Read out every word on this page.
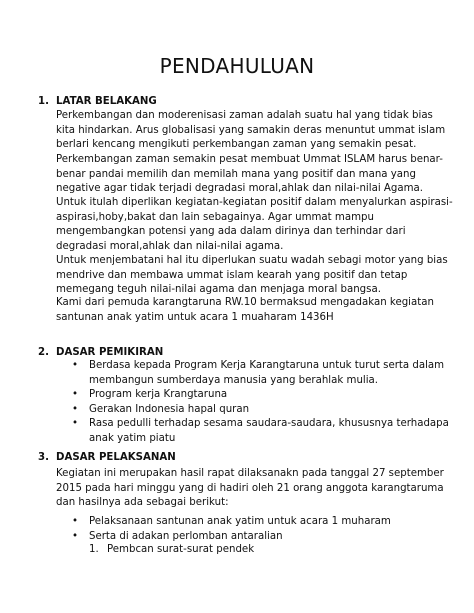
PENDAHULUAN
1. LATAR BELAKANG
Perkembangan dan moderenisasi zaman adalah suatu hal yang tidak bias
kita hindarkan. Arus globalisasi yang samakin deras menuntut ummat islam
berlari kencang mengikuti perkembangan zaman yang semakin pesat.
Perkembangan zaman semakin pesat membuat Ummat ISLAM harus benar-
benar pandai memilih dan memilah mana yang positif dan mana yang
negative agar tidak terjadi degradasi moral,ahlak dan nilai-nilai Agama.
Untuk itulah diperlikan kegiatan-kegiatan positif dalam menyalurkan aspirasi-
aspirasi,hoby,bakat dan lain sebagainya. Agar ummat mampu
mengembangkan potensi yang ada dalam dirinya dan terhindar dari
degradasi moral,ahlak dan nilai-nilai agama.
Untuk menjembatani hal itu diperlukan suatu wadah sebagi motor yang bias
mendrive dan membawa ummat islam kearah yang positif dan tetap
memegang teguh nilai-nilai agama dan menjaga moral bangsa.
Kami dari pemuda karangtaruna RW.10 bermaksud mengadakan kegiatan
santunan anak yatim untuk acara 1 muaharam 1436H
2. DASAR PEMIKIRAN
• Berdasa kepada Program Kerja Karangtaruna untuk turut serta dalam
membangun sumberdaya manusia yang berahlak mulia.
• Program kerja Krangtaruna
• Gerakan Indonesia hapal quran
• Rasa pedulli terhadap sesama saudara-saudara, khususnya terhadapa
anak yatim piatu
3. DASAR PELAKSANAN
Kegiatan ini merupakan hasil rapat dilaksanakn pada tanggal 27 september
2015 pada hari minggu yang di hadiri oleh 21 orang anggota karangtaruma
dan hasilnya ada sebagai berikut:
• Pelaksanaan santunan anak yatim untuk acara 1 muharam
• Serta di adakan perlomban antaralian
1. Pembcan surat-surat pendek
